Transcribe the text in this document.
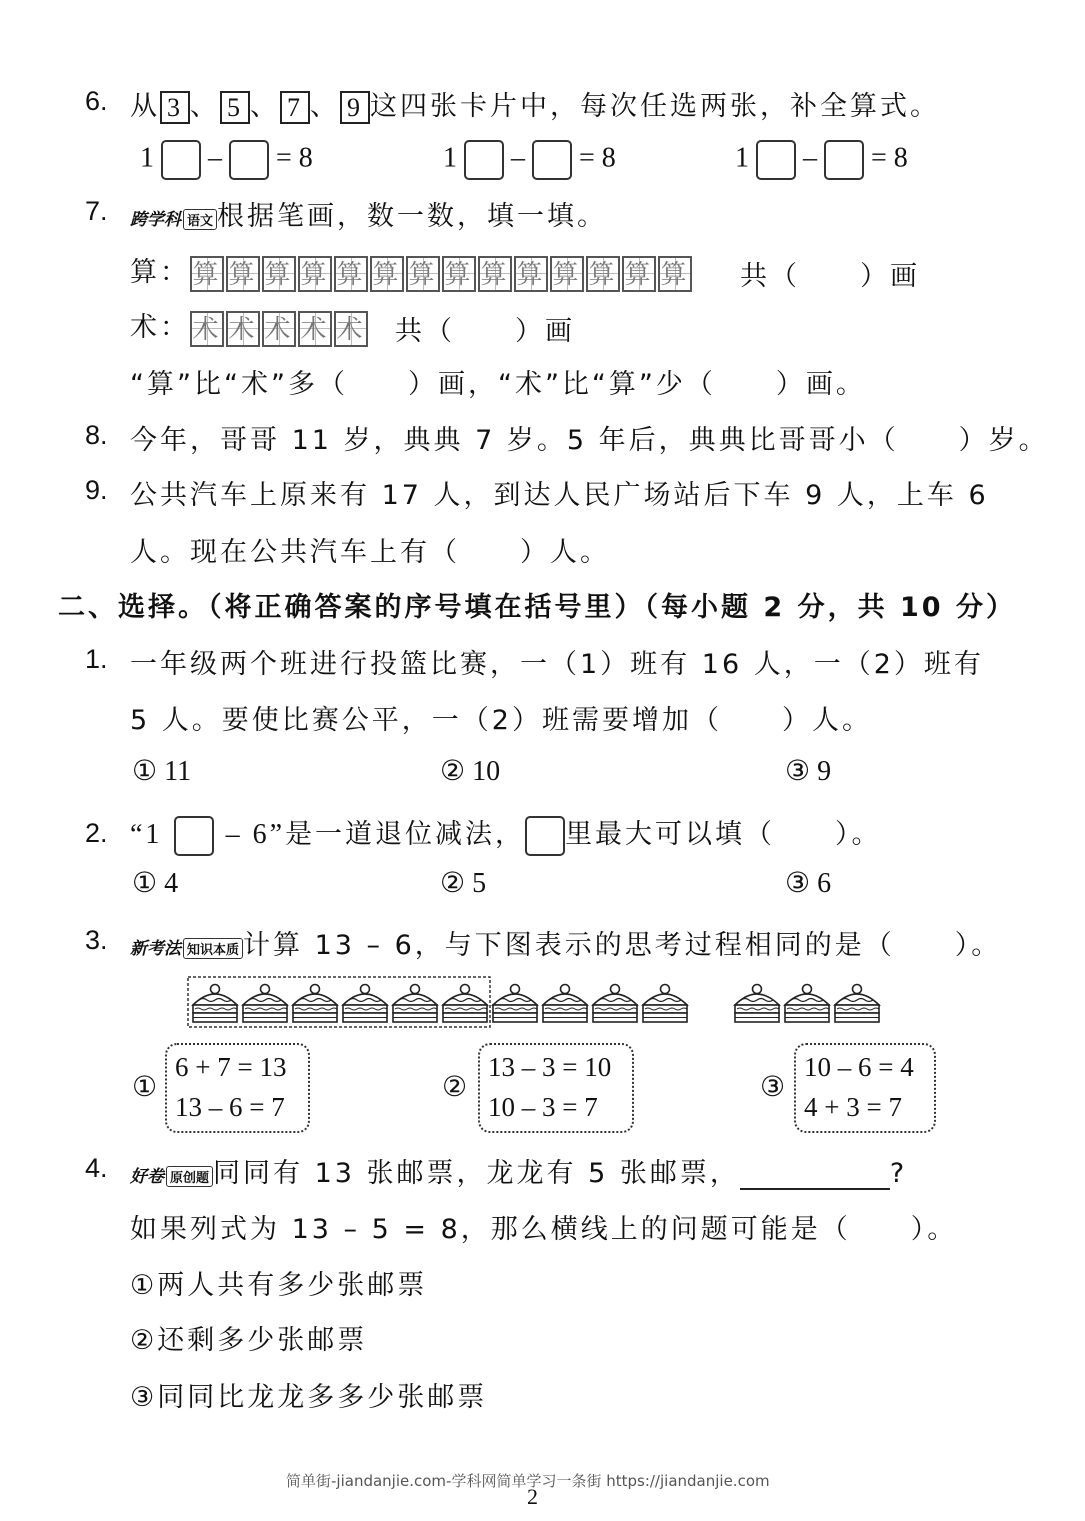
6. 从 3 、 5 、 7 、 9 这四张卡片中，每次任选两张，补全算式。
1 – = 8	1 – = 8	1 – = 8
7. 跨学科 语文 根据笔画，数一数，填一填。
算：算 算 算 算 算 算 算 算 算 算 算 算 算 算 共（　　）画
术：术 术 术 术 术 共（　　）画
“算”比“术”多（　　）画，“术”比“算”少（　　）画。
8. 今年，哥哥 11 岁，典典 7 岁。5 年后，典典比哥哥小（　　）岁。
9. 公共汽车上原来有 17 人，到达人民广场站后下车 9 人，上车 6
人。现在公共汽车上有（　　）人。
二、选择。（将正确答案的序号填在括号里）（每小题 2 分，共 10 分）
1. 一年级两个班进行投篮比赛，一（1）班有 16 人，一（2）班有
5 人。要使比赛公平，一（2）班需要增加（　　）人。
① 11	② 10	③ 9
2. “1 – 6”是一道退位减法， 里最大可以填（　　）。
① 4	② 5	③ 6
3. 新考法 知识本质 计算 13 – 6，与下图表示的思考过程相同的是（　　）。
①
6 + 7 = 13
13 – 6 = 7
②
13 – 3 = 10
10 – 3 = 7
③
10 – 6 = 4
4 + 3 = 7
4. 好卷 原创题 同同有 13 张邮票，龙龙有 5 张邮票，	?
如果列式为 13 – 5 = 8，那么横线上的问题可能是（　　）。
①两人共有多少张邮票
②还剩多少张邮票
③同同比龙龙多多少张邮票
简单街-jiandanjie.com-学科网简单学习一条街 https://jiandanjie.com
2
